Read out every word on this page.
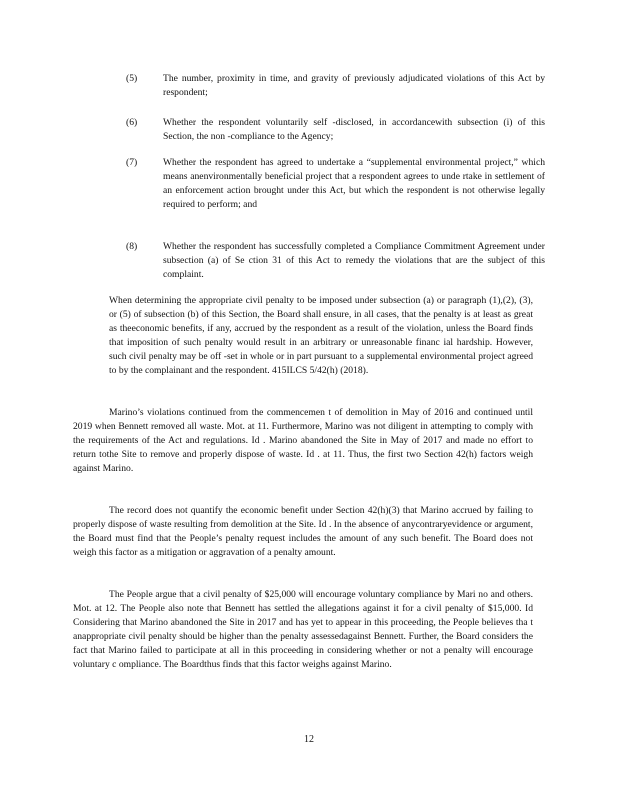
(5)	The number, proximity in time, and gravity of previously adjudicated violations of this Act by respondent;
(6)	Whether the respondent voluntarily self -disclosed, in accordancewith subsection (i) of this Section, the non -compliance to the Agency;
(7)	Whether the respondent has agreed to undertake a “supplemental environmental project,” which means anenvironmentally beneficial project that a respondent agrees to unde rtake in settlement of an enforcement action brought under this Act, but which the respondent is not otherwise legally required to perform; and
(8)	Whether the respondent has successfully completed a Compliance Commitment Agreement under subsection (a) of Se ction 31 of this Act to remedy the violations that are the subject of this complaint.

When determining the appropriate civil penalty to be imposed under subsection (a) or paragraph (1),(2), (3), or (5) of subsection (b) of this Section, the Board shall ensure, in all cases, that the penalty is at least as great as theeconomic benefits, if any, accrued by the respondent as a result of the violation, unless the Board finds that imposition of such penalty would result in an arbitrary or unreasonable financ ial hardship. However, such civil penalty may be off -set in whole or in part pursuant to a supplemental environmental project agreed to by the complainant and the respondent. 415ILCS 5/42(h) (2018).

Marino’s violations continued from the commencemen t of demolition in May of 2016 and continued until 2019 when Bennett removed all waste. Mot. at 11. Furthermore, Marino was not diligent in attempting to comply with the requirements of the Act and regulations. Id . Marino abandoned the Site in May of 2017 and made no effort to return tothe Site to remove and properly dispose of waste. Id . at 11. Thus, the first two Section 42(h) factors weigh against Marino.

The record does not quantify the economic benefit under Section 42(h)(3) that Marino accrued by failing to properly dispose of waste resulting from demolition at the Site. Id . In the absence of anycontraryevidence or argument, the Board must find that the People’s penalty request includes the amount of any such benefit. The Board does not weigh this factor as a mitigation or aggravation of a penalty amount.

The People argue that a civil penalty of $25,000 will encourage voluntary compliance by Mari no and others. Mot. at 12. The People also note that Bennett has settled the allegations against it for a civil penalty of $15,000. Id Considering that Marino abandoned the Site in 2017 and has yet to appear in this proceeding, the People believes tha t anappropriate civil penalty should be higher than the penalty assessedagainst Bennett. Further, the Board considers the fact that Marino failed to participate at all in this proceeding in considering whether or not a penalty will encourage voluntary c ompliance. The Boardthus finds that this factor weighs against Marino.

12
